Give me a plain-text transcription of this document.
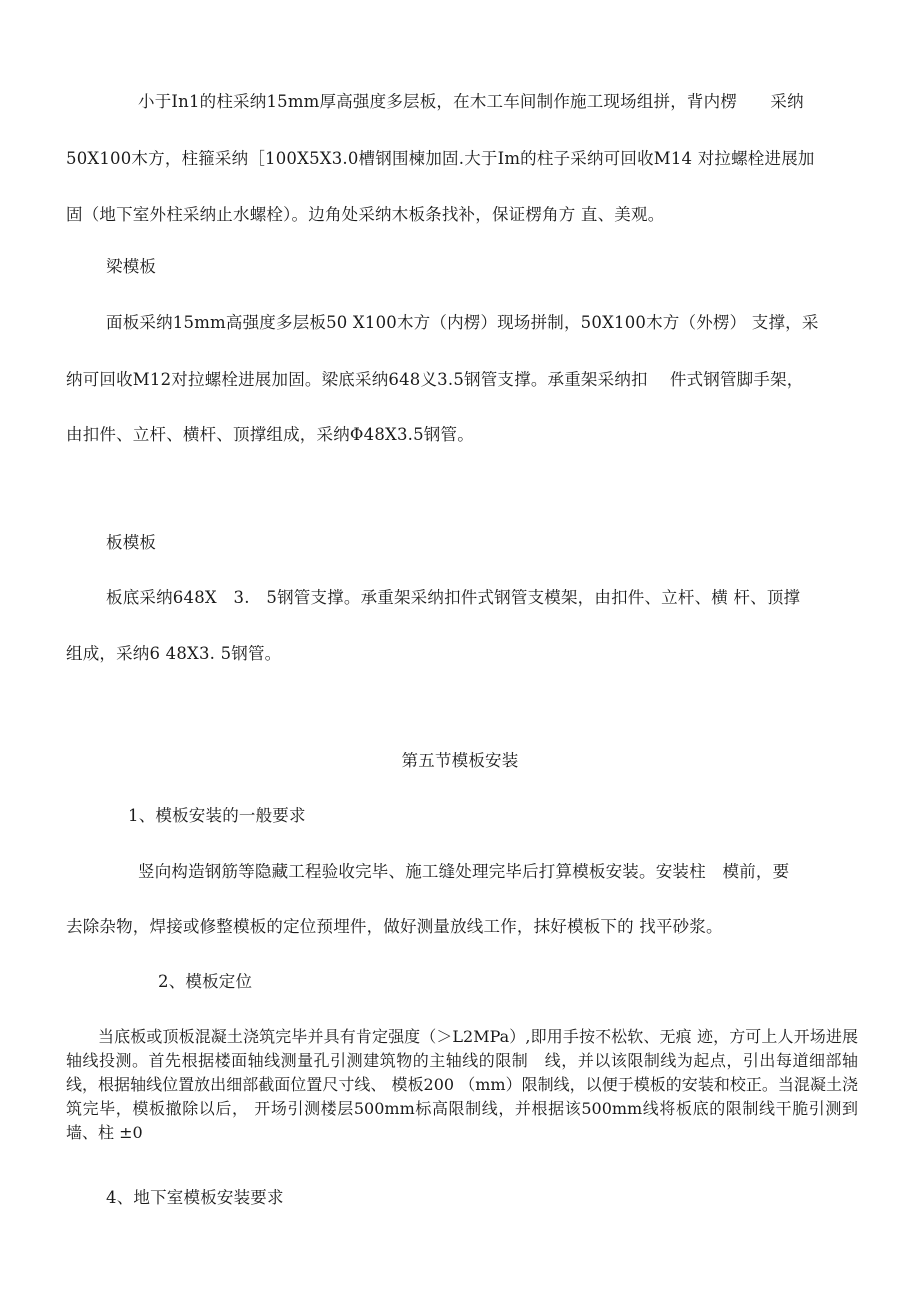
小于In1的柱采纳15mm厚高强度多层板，在木工车间制作施工现场组拼，背内楞　　采纳
50X100木方，柱箍采纳［100X5X3.0槽钢围楝加固.大于Im的柱子采纳可回收M14 对拉螺栓进展加
固（地下室外柱采纳止水螺栓）。边角处采纳木板条找补，保证楞角方 直、美观。
梁模板
面板采纳15mm高强度多层板50 X100木方（内楞）现场拼制，50X100木方（外楞） 支撑，采
纳可回收M12对拉螺栓进展加固。梁底采纳648义3.5钢管支撑。承重架采纳扣　 件式钢管脚手架，
由扣件、立杆、横杆、顶撑组成，采纳Φ48X3.5钢管。
板模板
板底采纳648X　3.　5钢管支撑。承重架采纳扣件式钢管支模架，由扣件、立杆、横 杆、顶撑
组成，采纳6 48X3. 5钢管。
第五节模板安装
1、模板安装的一般要求
竖向构造钢筋等隐藏工程验收完毕、施工缝处理完毕后打算模板安装。安装柱　模前，要
去除杂物，焊接或修整模板的定位预埋件，做好测量放线工作，抹好模板下的 找平砂浆。
2、模板定位
当底板或顶板混凝土浇筑完毕并具有肯定强度（＞L2MPa）,即用手按不松软、无痕 迹，方可上人开场进展轴线投测。首先根据楼面轴线测量孔引测建筑物的主轴线的限制　线，并以该限制线为起点，引出每道细部轴线，根据轴线位置放出细部截面位置尺寸线、 模板200 （mm）限制线，以便于模板的安装和校正。当混凝土浇筑完毕，模板撤除以后， 开场引测楼层500mm标高限制线，并根据该500mm线将板底的限制线干脆引测到墙、柱 ±0
4、地下室模板安装要求
